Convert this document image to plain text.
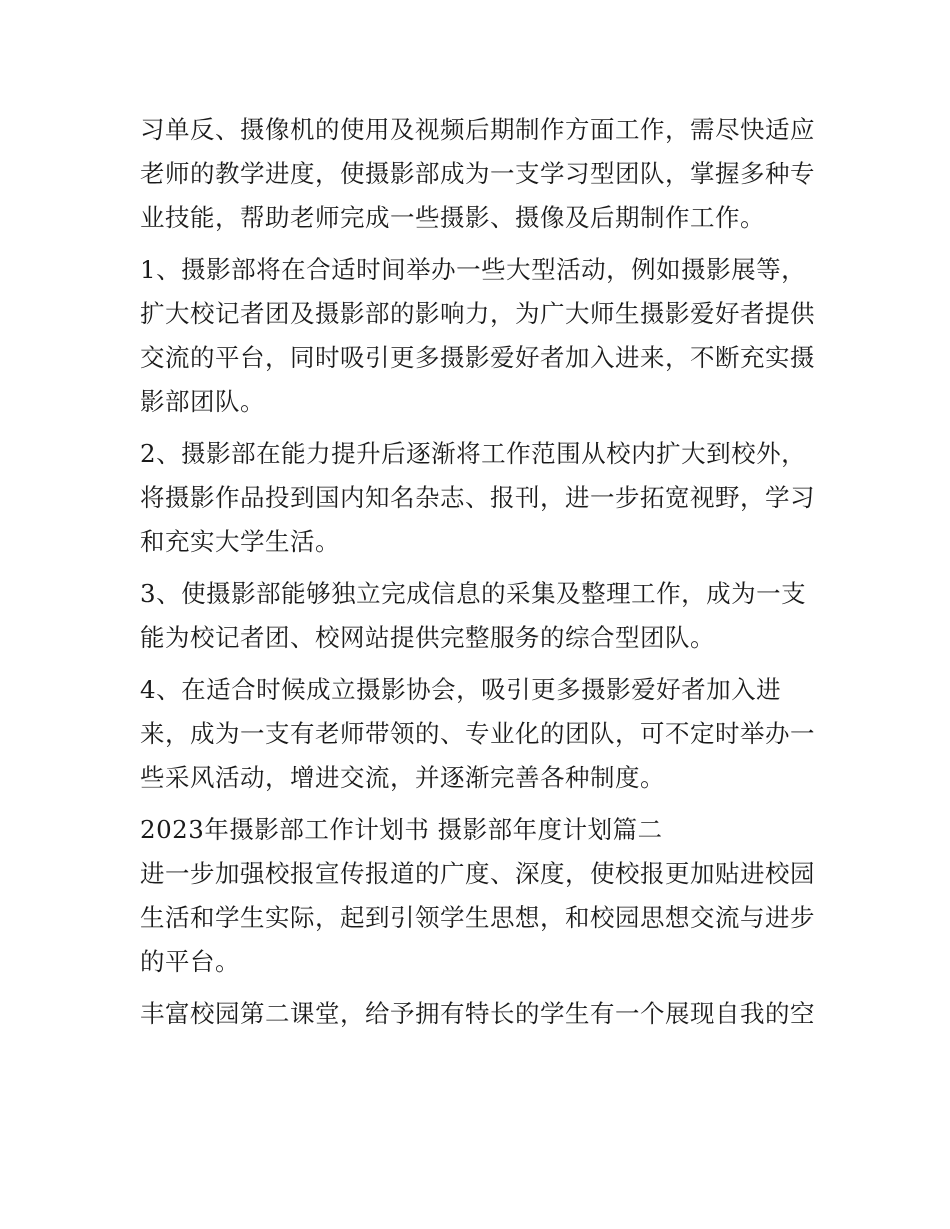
习单反、摄像机的使用及视频后期制作方面工作，需尽快适应
老师的教学进度，使摄影部成为一支学习型团队，掌握多种专
业技能，帮助老师完成一些摄影、摄像及后期制作工作。
1、摄影部将在合适时间举办一些大型活动，例如摄影展等，
扩大校记者团及摄影部的影响力，为广大师生摄影爱好者提供
交流的平台，同时吸引更多摄影爱好者加入进来，不断充实摄
影部团队。
2、摄影部在能力提升后逐渐将工作范围从校内扩大到校外，
将摄影作品投到国内知名杂志、报刊，进一步拓宽视野，学习
和充实大学生活。
3、使摄影部能够独立完成信息的采集及整理工作，成为一支
能为校记者团、校网站提供完整服务的综合型团队。
4、在适合时候成立摄影协会，吸引更多摄影爱好者加入进
来，成为一支有老师带领的、专业化的团队，可不定时举办一
些采风活动，增进交流，并逐渐完善各种制度。
2023年摄影部工作计划书 摄影部年度计划篇二
进一步加强校报宣传报道的广度、深度，使校报更加贴进校园
生活和学生实际，起到引领学生思想，和校园思想交流与进步
的平台。
丰富校园第二课堂，给予拥有特长的学生有一个展现自我的空
